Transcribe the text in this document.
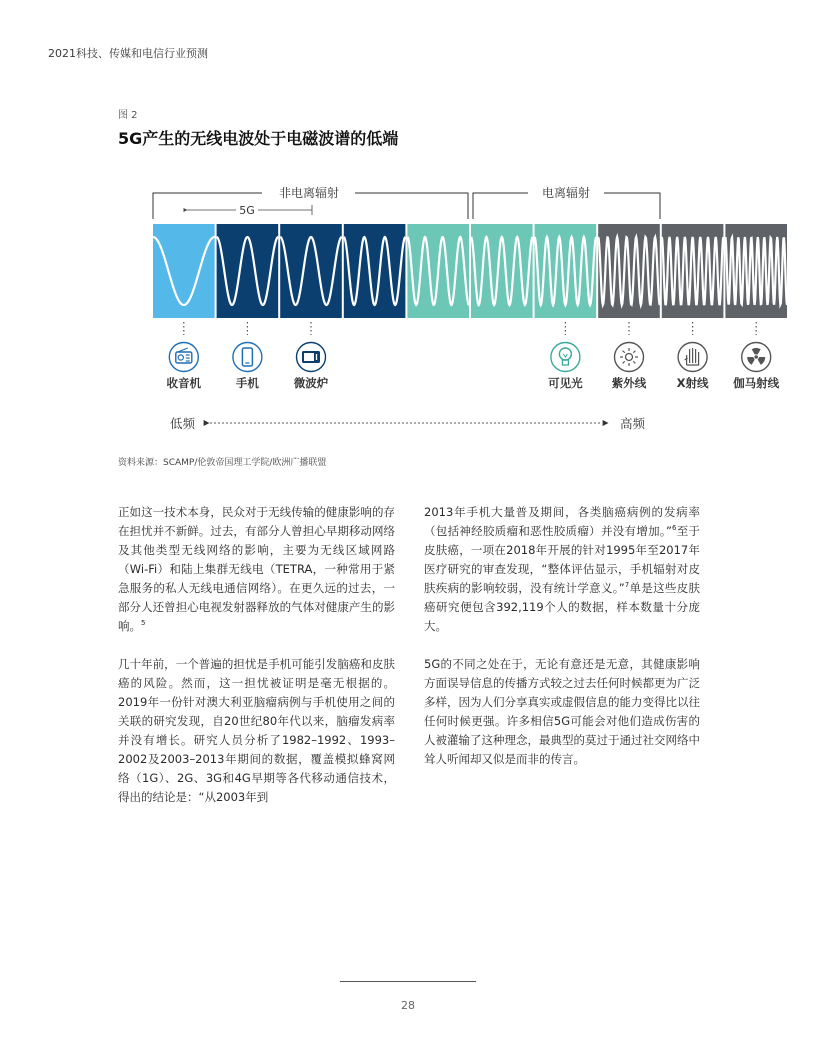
2021科技、传媒和电信行业预测
图 2
5G产生的无线电波处于电磁波谱的低端
非电离辐射	电离辐射
5G
收音机	手机	微波炉	可见光	紫外线	X射线 伽马射线
低频	高频
资料来源：SCAMP/伦敦帝国理工学院/欧洲广播联盟

正如这一技术本身，民众对于无线传输的健康影响的存在担忧并不新鲜。过去，有部分人曾担心早期移动网络及其他类型无线网络的影响，主要为无线区域网路（Wi-Fi）和陆上集群无线电（TETRA，一种常用于紧急服务的私人无线电通信网络）。在更久远的过去，一部分人还曾担心电视发射器释放的气体对健康产生的影响。$^5$

几十年前，一个普遍的担忧是手机可能引发脑癌和皮肤癌的风险。然而，这一担忧被证明是毫无根据的。2019年一份针对澳大利亚脑瘤病例与手机使用之间的关联的研究发现，自20世纪80年代以来，脑瘤发病率并没有增长。研究人员分析了1982–1992、1993–2002及2003–2013年期间的数据，覆盖模拟蜂窝网络（1G）、2G、3G和4G早期等各代移动通信技术，得出的结论是：“从2003年到

2013年手机大量普及期间，各类脑癌病例的发病率（包括神经胶质瘤和恶性胶质瘤）并没有增加。”$^6$至于皮肤癌，一项在2018年开展的针对1995年至2017年医疗研究的审查发现，“整体评估显示，手机辐射对皮肤疾病的影响较弱，没有统计学意义。”$^7$单是这些皮肤癌研究便包含392,119个人的数据，样本数量十分庞大。

5G的不同之处在于，无论有意还是无意，其健康影响方面误导信息的传播方式较之过去任何时候都更为广泛多样，因为人们分享真实或虚假信息的能力变得比以往任何时候更强。许多相信5G可能会对他们造成伤害的人被灌输了这种理念，最典型的莫过于通过社交网络中耸人听闻却又似是而非的传言。

28
